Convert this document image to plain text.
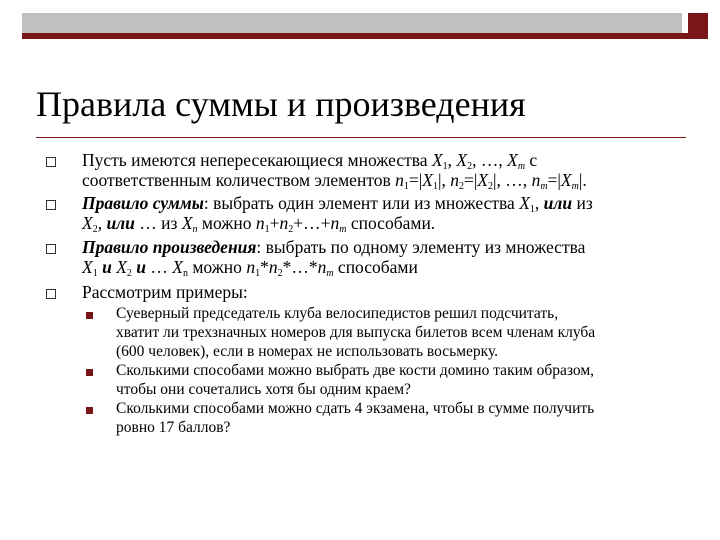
Правила суммы и произведения
Пусть имеются непересекающиеся множества $X_1$, $X_2$, …, $X_m$ с
соответственным количеством элементов $n_1=|X_1|$, $n_2=|X_2|$, …, $n_m=|X_m|$.
Правило суммы: выбрать один элемент или из множества $X_1$, или из
$X_2$, или … из $X_n$ можно $n_1+n_2+\dots+n_m$ способами.
Правило произведения: выбрать по одному элементу из множества
$X_1$ и $X_2$ и … $X_n$ можно $n_1*n_2*\dots*n_m$ способами
Рассмотрим примеры:
Суеверный председатель клуба велосипедистов решил подсчитать,
хватит ли трехзначных номеров для выпуска билетов всем членам клуба
(600 человек), если в номерах не использовать восьмерку.
Сколькими способами можно выбрать две кости домино таким образом,
чтобы они сочетались хотя бы одним краем?
Сколькими способами можно сдать 4 экзамена, чтобы в сумме получить
ровно 17 баллов?
